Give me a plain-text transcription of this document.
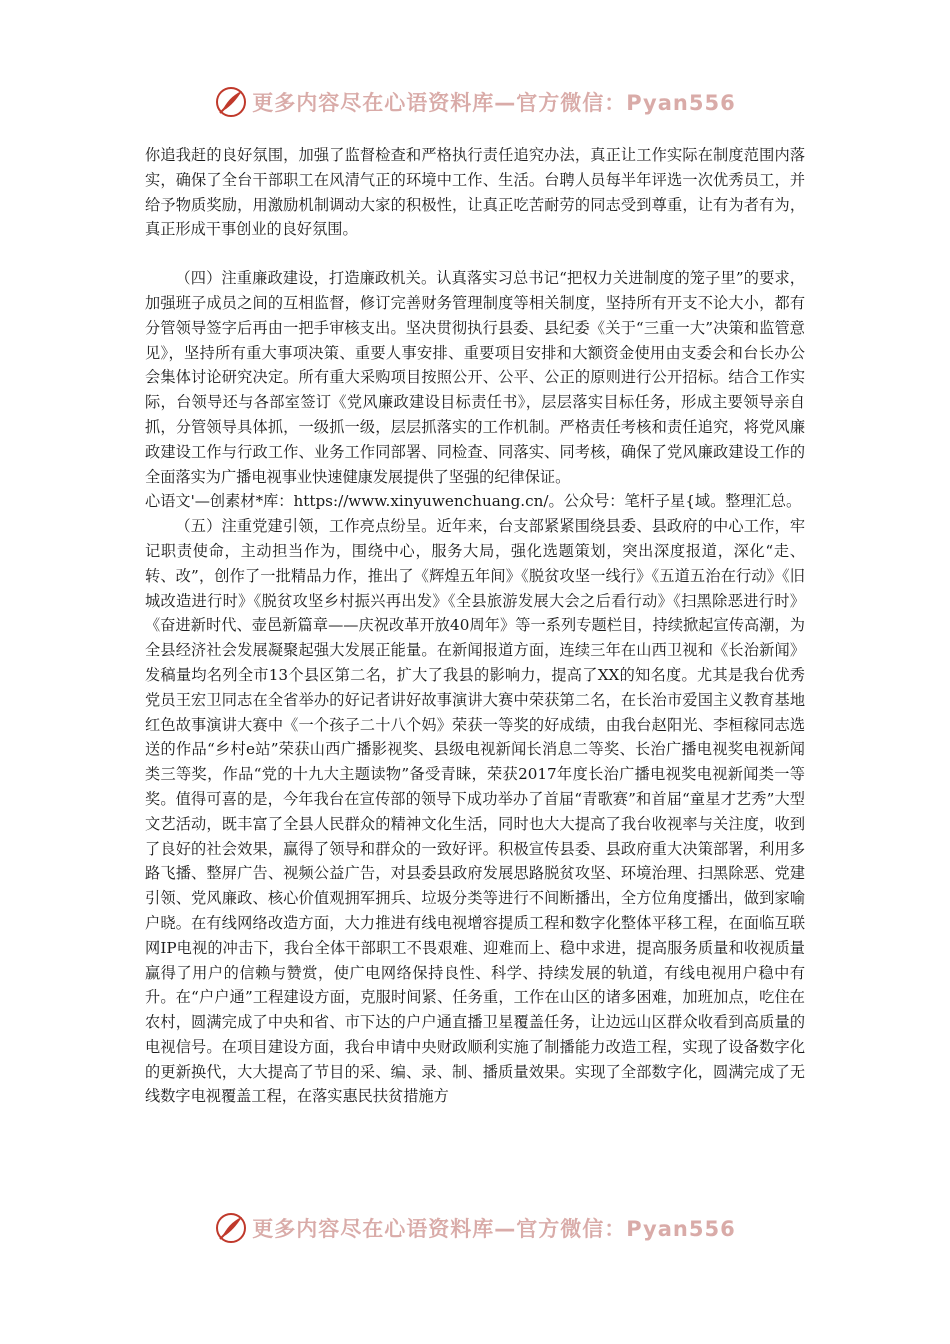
更多内容尽在心语资料库—官方微信：Pyan556

你追我赶的良好氛围，加强了监督检查和严格执行责任追究办法，真正让工作实际在制度范围内落实，确保了全台干部职工在风清气正的环境中工作、生活。台聘人员每半年评选一次优秀员工，并给予物质奖励，用激励机制调动大家的积极性，让真正吃苦耐劳的同志受到尊重，让有为者有为，真正形成干事创业的良好氛围。

（四）注重廉政建设，打造廉政机关。认真落实习总书记“把权力关进制度的笼子里”的要求，加强班子成员之间的互相监督，修订完善财务管理制度等相关制度，坚持所有开支不论大小，都有分管领导签字后再由一把手审核支出。坚决贯彻执行县委、县纪委《关于“三重一大”决策和监管意见》，坚持所有重大事项决策、重要人事安排、重要项目安排和大额资金使用由支委会和台长办公会集体讨论研究决定。所有重大采购项目按照公开、公平、公正的原则进行公开招标。结合工作实际，台领导还与各部室签订《党风廉政建设目标责任书》，层层落实目标任务，形成主要领导亲自抓，分管领导具体抓，一级抓一级，层层抓落实的工作机制。严格责任考核和责任追究，将党风廉政建设工作与行政工作、业务工作同部署、同检查、同落实、同考核，确保了党风廉政建设工作的全面落实为广播电视事业快速健康发展提供了坚强的纪律保证。

心语文'—创素材*库：https://www.xinyuwenchuang.cn/。公众号：笔杆子星{域。整理汇总。

（五）注重党建引领，工作亮点纷呈。近年来，台支部紧紧围绕县委、县政府的中心工作，牢记职责使命，主动担当作为，围绕中心，服务大局，强化选题策划，突出深度报道，深化“走、转、改”，创作了一批精品力作，推出了《辉煌五年间》《脱贫攻坚一线行》《五道五治在行动》《旧城改造进行时》《脱贫攻坚乡村振兴再出发》《全县旅游发展大会之后看行动》《扫黑除恶进行时》《奋进新时代、壶邑新篇章——庆祝改革开放40周年》等一系列专题栏目，持续掀起宣传高潮，为全县经济社会发展凝聚起强大发展正能量。在新闻报道方面，连续三年在山西卫视和《长治新闻》发稿量均名列全市13个县区第二名，扩大了我县的影响力，提高了XX的知名度。尤其是我台优秀党员王宏卫同志在全省举办的好记者讲好故事演讲大赛中荣获第二名，在长治市爱国主义教育基地红色故事演讲大赛中《一个孩子二十八个妈》荣获一等奖的好成绩，由我台赵阳光、李桓稼同志选送的作品“乡村e站”荣获山西广播影视奖、县级电视新闻长消息二等奖、长治广播电视奖电视新闻类三等奖，作品“党的十九大主题读物”备受青睐，荣获2017年度长治广播电视奖电视新闻类一等奖。值得可喜的是，今年我台在宣传部的领导下成功举办了首届“青歌赛”和首届“童星才艺秀”大型文艺活动，既丰富了全县人民群众的精神文化生活，同时也大大提高了我台收视率与关注度，收到了良好的社会效果，赢得了领导和群众的一致好评。积极宣传县委、县政府重大决策部署，利用多路飞播、整屏广告、视频公益广告，对县委县政府发展思路脱贫攻坚、环境治理、扫黑除恶、党建引领、党风廉政、核心价值观拥军拥兵、垃圾分类等进行不间断播出，全方位角度播出，做到家喻户晓。在有线网络改造方面，大力推进有线电视增容提质工程和数字化整体平移工程，在面临互联网IP电视的冲击下，我台全体干部职工不畏艰难、迎难而上、稳中求进，提高服务质量和收视质量赢得了用户的信赖与赞赏，使广电网络保持良性、科学、持续发展的轨道，有线电视用户稳中有升。在“户户通”工程建设方面，克服时间紧、任务重，工作在山区的诸多困难，加班加点，吃住在农村，圆满完成了中央和省、市下达的户户通直播卫星覆盖任务，让边远山区群众收看到高质量的电视信号。在项目建设方面，我台申请中央财政顺利实施了制播能力改造工程，实现了设备数字化的更新换代，大大提高了节目的采、编、录、制、播质量效果。实现了全部数字化，圆满完成了无线数字电视覆盖工程，在落实惠民扶贫措施方

更多内容尽在心语资料库—官方微信：Pyan556
